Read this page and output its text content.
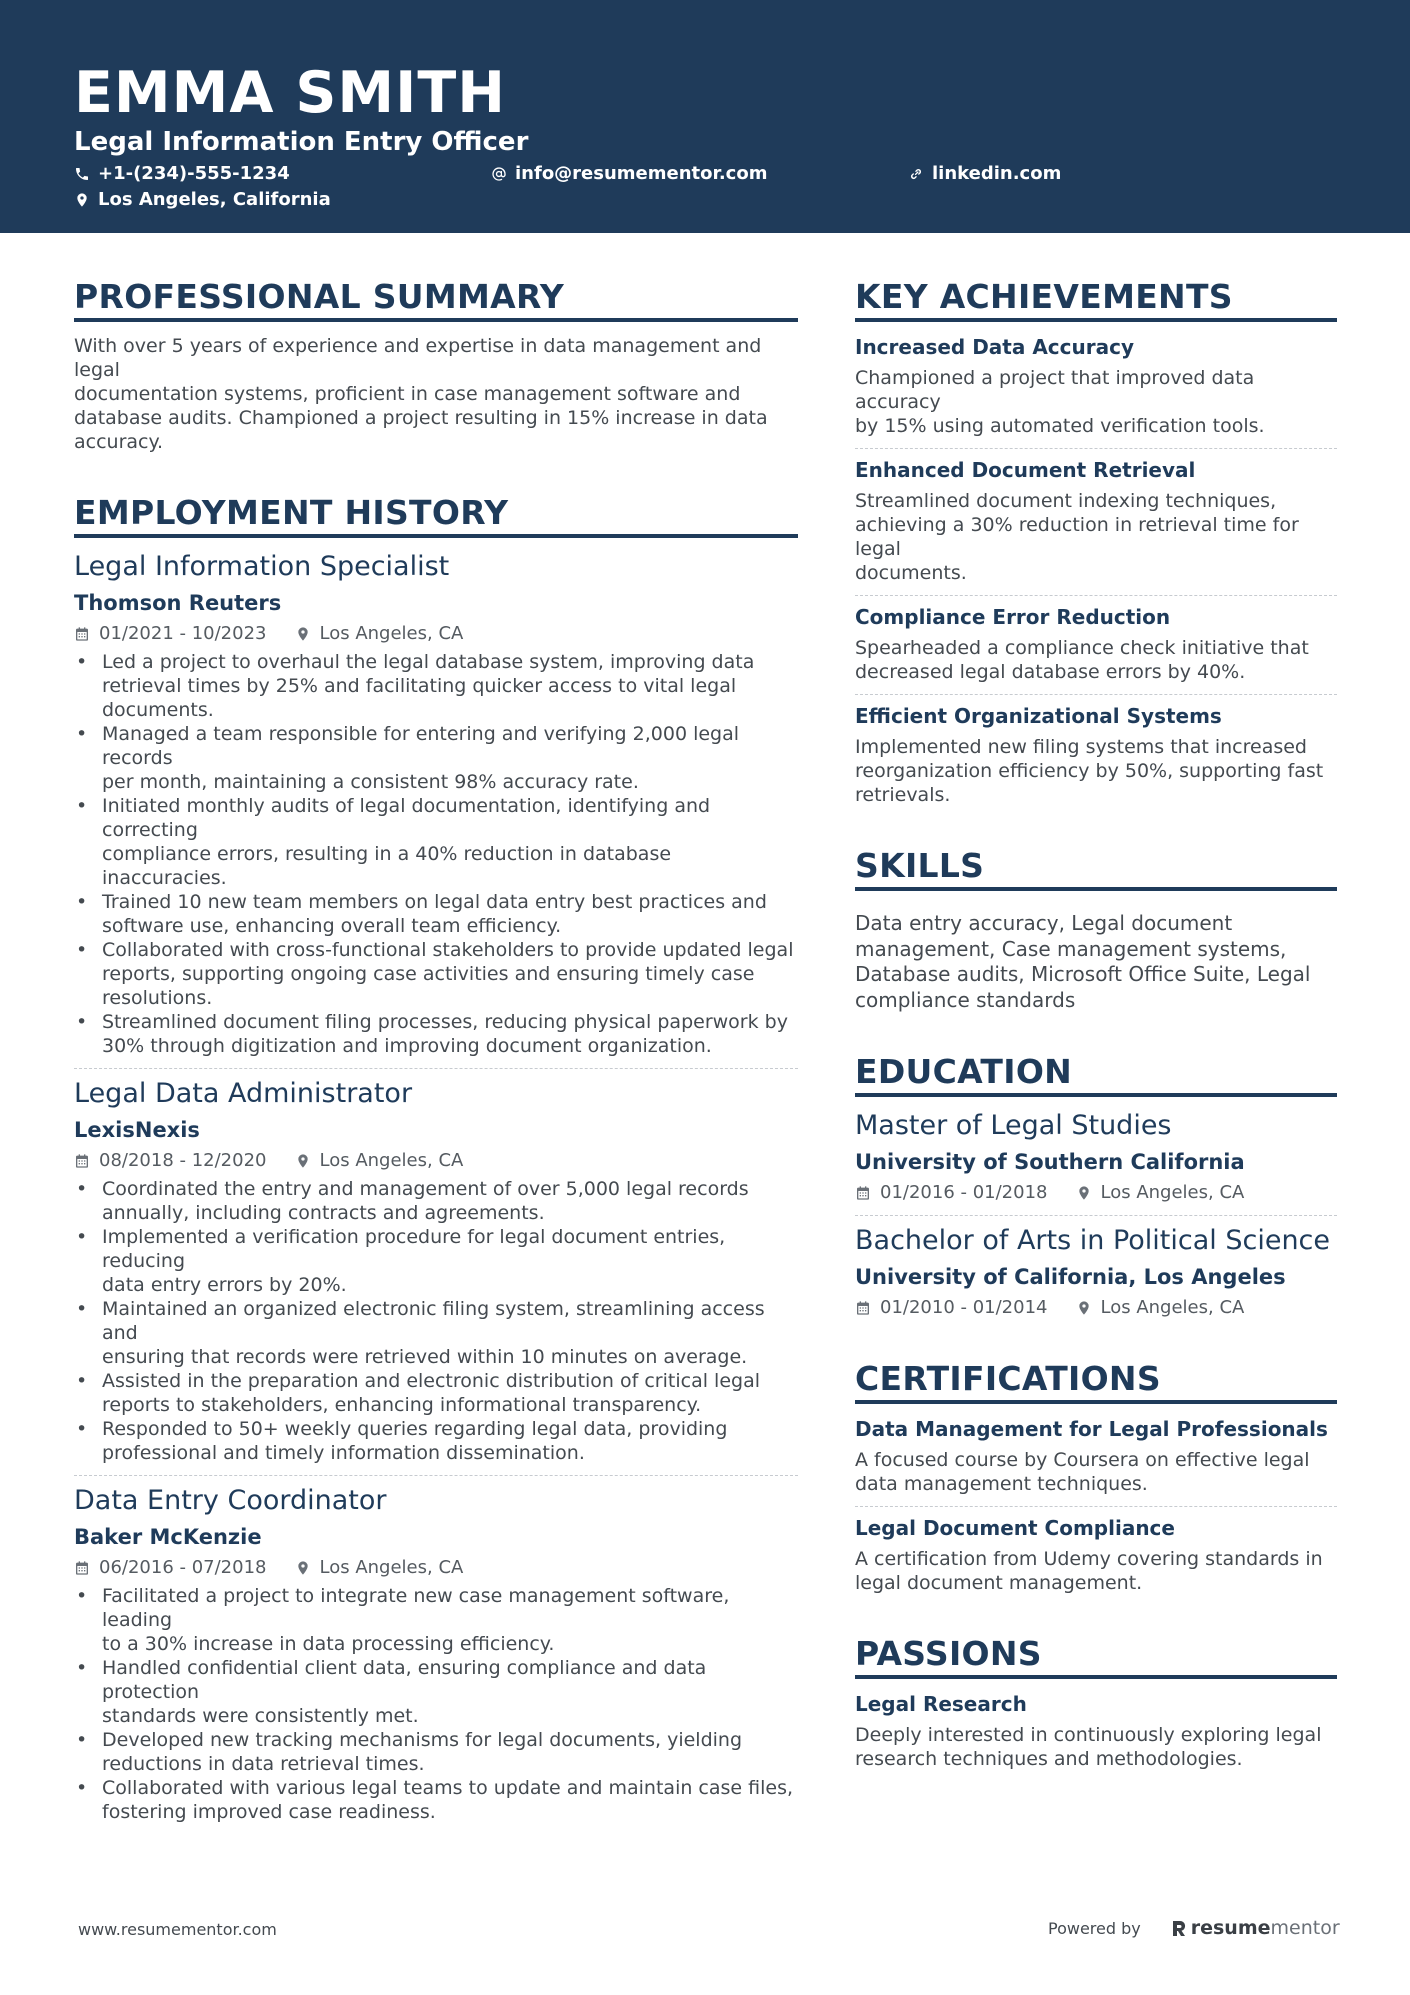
EMMA SMITH
Legal Information Entry Officer
+1-(234)-555-1234	info@resumementor.com	linkedin.com
Los Angeles, California
PROFESSIONAL SUMMARY
With over 5 years of experience and expertise in data management and legal
documentation systems, proficient in case management software and
database audits. Championed a project resulting in 15% increase in data
accuracy.
EMPLOYMENT HISTORY
Legal Information Specialist
Thomson Reuters
01/2021 - 10/2023	Los Angeles, CA
• Led a project to overhaul the legal database system, improving data
retrieval times by 25% and facilitating quicker access to vital legal
documents.
• Managed a team responsible for entering and verifying 2,000 legal records
per month, maintaining a consistent 98% accuracy rate.
• Initiated monthly audits of legal documentation, identifying and correcting
compliance errors, resulting in a 40% reduction in database inaccuracies.
• Trained 10 new team members on legal data entry best practices and
software use, enhancing overall team efficiency.
• Collaborated with cross-functional stakeholders to provide updated legal
reports, supporting ongoing case activities and ensuring timely case
resolutions.
• Streamlined document filing processes, reducing physical paperwork by
30% through digitization and improving document organization.
Legal Data Administrator
LexisNexis
08/2018 - 12/2020	Los Angeles, CA
• Coordinated the entry and management of over 5,000 legal records
annually, including contracts and agreements.
• Implemented a verification procedure for legal document entries, reducing
data entry errors by 20%.
• Maintained an organized electronic filing system, streamlining access and
ensuring that records were retrieved within 10 minutes on average.
• Assisted in the preparation and electronic distribution of critical legal
reports to stakeholders, enhancing informational transparency.
• Responded to 50+ weekly queries regarding legal data, providing
professional and timely information dissemination.
Data Entry Coordinator
Baker McKenzie
06/2016 - 07/2018	Los Angeles, CA
• Facilitated a project to integrate new case management software, leading
to a 30% increase in data processing efficiency.
• Handled confidential client data, ensuring compliance and data protection
standards were consistently met.
• Developed new tracking mechanisms for legal documents, yielding
reductions in data retrieval times.
• Collaborated with various legal teams to update and maintain case files,
fostering improved case readiness.
KEY ACHIEVEMENTS
Increased Data Accuracy
Championed a project that improved data accuracy
by 15% using automated verification tools.
Enhanced Document Retrieval
Streamlined document indexing techniques,
achieving a 30% reduction in retrieval time for legal
documents.
Compliance Error Reduction
Spearheaded a compliance check initiative that
decreased legal database errors by 40%.
Efficient Organizational Systems
Implemented new filing systems that increased
reorganization efficiency by 50%, supporting fast
retrievals.
SKILLS
Data entry accuracy, Legal document
management, Case management systems,
Database audits, Microsoft Office Suite, Legal
compliance standards
EDUCATION
Master of Legal Studies
University of Southern California
01/2016 - 01/2018	Los Angeles, CA
Bachelor of Arts in Political Science
University of California, Los Angeles
01/2010 - 01/2014	Los Angeles, CA
CERTIFICATIONS
Data Management for Legal Professionals
A focused course by Coursera on effective legal
data management techniques.
Legal Document Compliance
A certification from Udemy covering standards in
legal document management.
PASSIONS
Legal Research
Deeply interested in continuously exploring legal
research techniques and methodologies.
www.resumementor.com	Powered by	resume mentor
